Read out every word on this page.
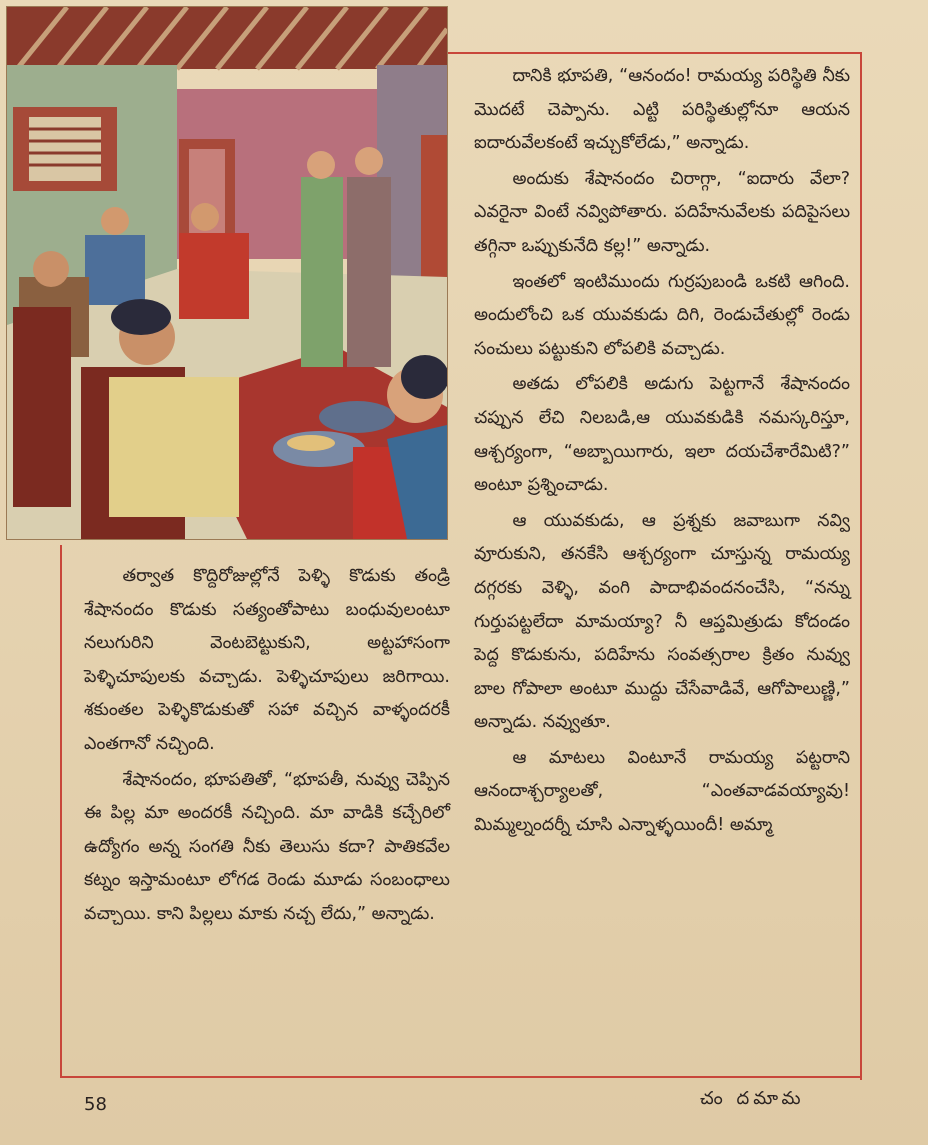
దానికి భూపతి, “ఆనందం! రామయ్య పరిస్థితి నీకు మొదటే చెప్పాను. ఎట్టి పరిస్థితుల్లోనూ ఆయన ఐదారువేలకంటే ఇచ్చుకోలేడు,” అన్నాడు.

అందుకు శేషానందం చిరాగ్గా, “ఐదారు వేలా? ఎవరైనా వింటే నవ్విపోతారు. పదిహేనువేలకు పదిపైసలు తగ్గినా ఒప్పుకునేది కల్ల!” అన్నాడు.

ఇంతలో ఇంటిముందు గుర్రపుబండి ఒకటి ఆగింది. అందులోంచి ఒక యువకుడు దిగి, రెండుచేతుల్లో రెండు సంచులు పట్టుకుని లోపలికి వచ్చాడు.

అతడు లోపలికి అడుగు పెట్టగానే శేషానందం చప్పున లేచి నిలబడి,ఆ యువకుడికి నమస్కరిస్తూ, ఆశ్చర్యంగా, “అబ్బాయిగారు, ఇలా దయచేశారేమిటి?” అంటూ ప్రశ్నించాడు.

ఆ యువకుడు, ఆ ప్రశ్నకు జవాబుగా నవ్వి వూరుకుని, తనకేసి ఆశ్చర్యంగా చూస్తున్న రామయ్య దగ్గరకు వెళ్ళి, వంగి పాదాభివందనంచేసి, “నన్ను గుర్తుపట్టలేదా మామయ్యా? నీ ఆప్తమిత్రుడు కోదండం పెద్ద కొడుకును, పదిహేను సంవత్సరాల క్రితం నువ్వు బాల గోపాలా అంటూ ముద్దు చేసేవాడివే, ఆగోపాలుణ్ణి,” అన్నాడు. నవ్వుతూ.

ఆ మాటలు వింటూనే రామయ్య పట్టరాని ఆనందాశ్చర్యాలతో, “ఎంతవాడవయ్యావు! మిమ్మల్నందర్నీ చూసి ఎన్నాళ్ళయిందీ! అమ్మా

తర్వాత కొద్దిరోజుల్లోనే పెళ్ళి కొడుకు తండ్రి శేషానందం కొడుకు సత్యంతోపాటు బంధువులంటూ నలుగురిని వెంటబెట్టుకుని, అట్టహాసంగా పెళ్ళిచూపులకు వచ్చాడు. పెళ్ళిచూపులు జరిగాయి. శకుంతల పెళ్ళికొడుకుతో సహా వచ్చిన వాళ్ళందరకీ ఎంతగానో నచ్చింది.

శేషానందం, భూపతితో, “భూపతీ, నువ్వు చెప్పిన ఈ పిల్ల మా అందరకీ నచ్చింది. మా వాడికి కచ్చేరిలో ఉద్యోగం అన్న సంగతి నీకు తెలుసు కదా? పాతికవేల కట్నం ఇస్తామంటూ లోగడ రెండు మూడు సంబంధాలు వచ్చాయి. కాని పిల్లలు మాకు నచ్చ లేదు,” అన్నాడు.

58	చం దమామ
